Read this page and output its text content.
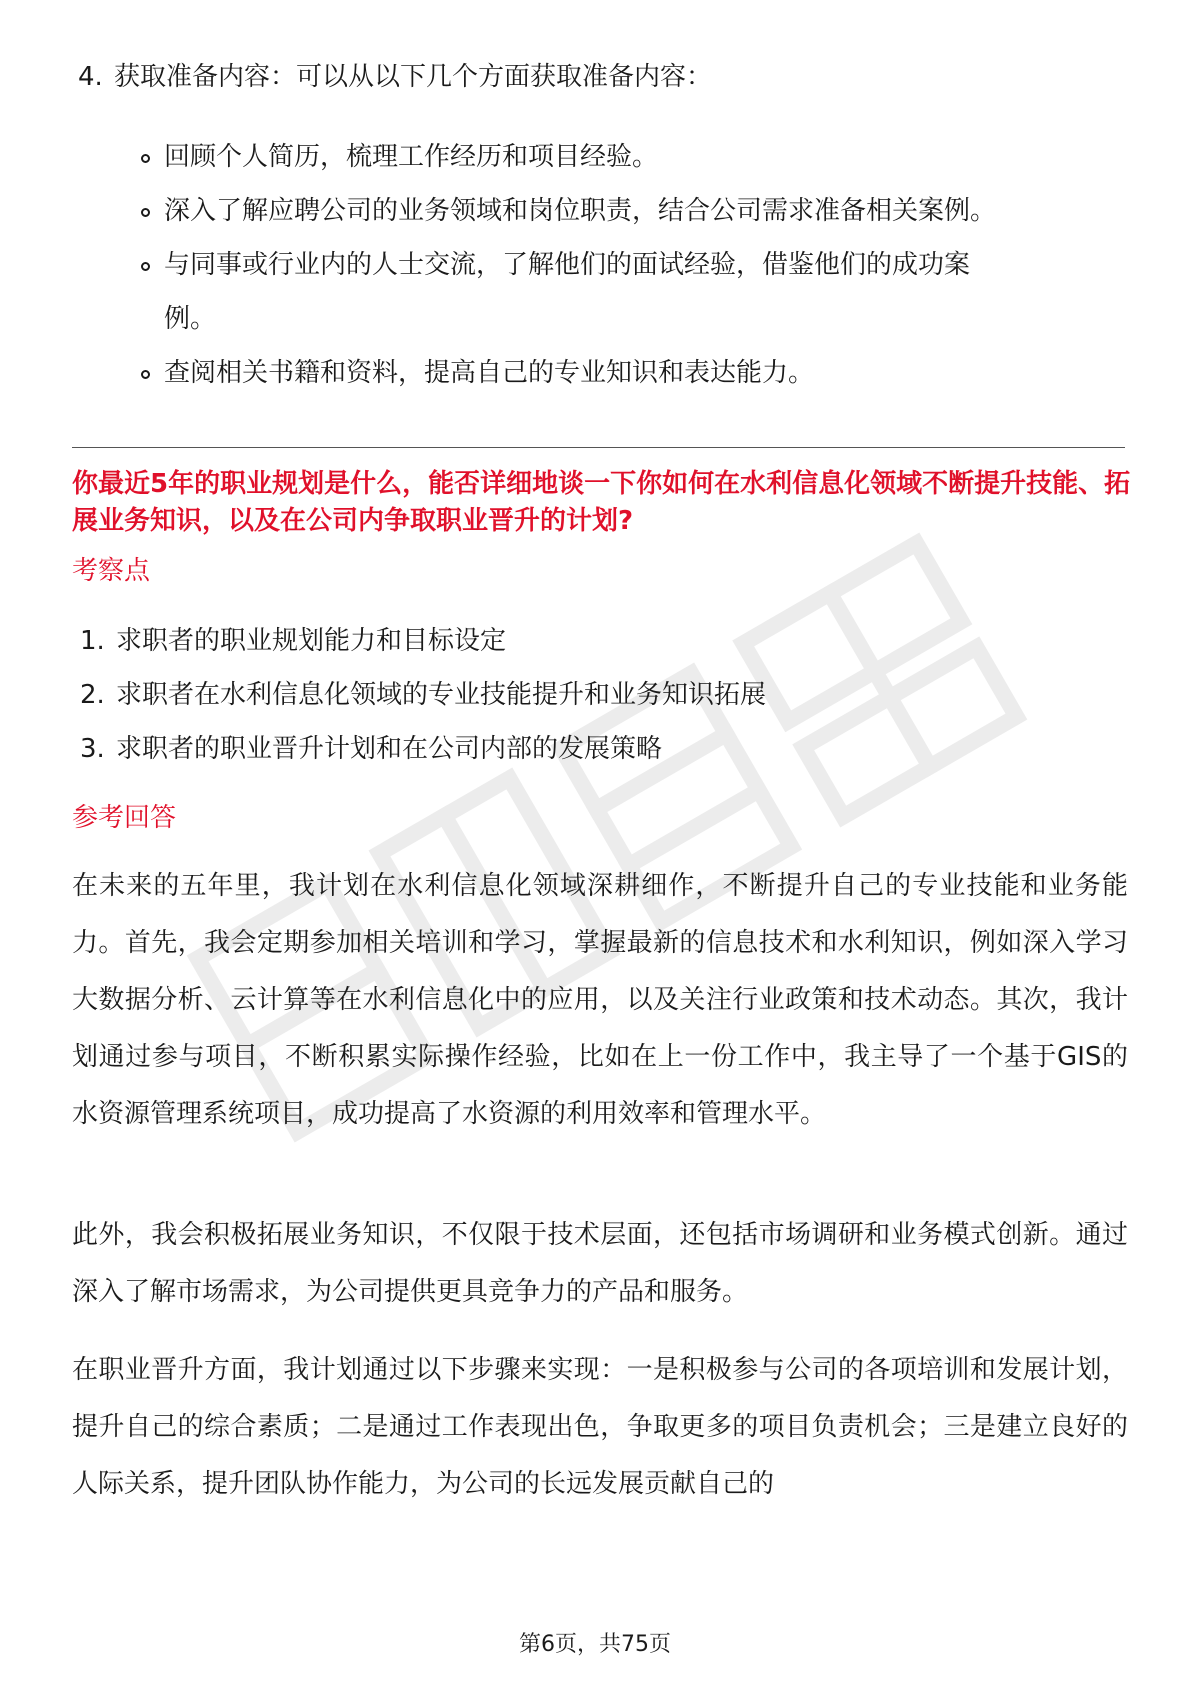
4. 获取准备内容：可以从以下几个方面获取准备内容：
回顾个人简历，梳理工作经历和项目经验。
深入了解应聘公司的业务领域和岗位职责，结合公司需求准备相关案例。
与同事或行业内的人士交流，了解他们的面试经验，借鉴他们的成功案
例。
查阅相关书籍和资料，提高自己的专业知识和表达能力。
你最近5年的职业规划是什么，能否详细地谈一下你如何在水利信息化领域不断提升技能、拓展业务知识，以及在公司内争取职业晋升的计划?
考察点
1. 求职者的职业规划能力和目标设定
2. 求职者在水利信息化领域的专业技能提升和业务知识拓展
3. 求职者的职业晋升计划和在公司内部的发展策略
参考回答
在未来的五年里，我计划在水利信息化领域深耕细作，不断提升自己的专业技能和业务能力。首先，我会定期参加相关培训和学习，掌握最新的信息技术和水利知识，例如深入学习大数据分析、云计算等在水利信息化中的应用，以及关注行业政策和技术动态。其次，我计划通过参与项目，不断积累实际操作经验，比如在上一份工作中，我主导了一个基于GIS的水资源管理系统项目，成功提高了水资源的利用效率和管理水平。
此外，我会积极拓展业务知识，不仅限于技术层面，还包括市场调研和业务模式创新。通过深入了解市场需求，为公司提供更具竞争力的产品和服务。
在职业晋升方面，我计划通过以下步骤来实现：一是积极参与公司的各项培训和发展计划，提升自己的综合素质；二是通过工作表现出色，争取更多的项目负责机会；三是建立良好的人际关系，提升团队协作能力，为公司的长远发展贡献自己的
第6页，共75页
